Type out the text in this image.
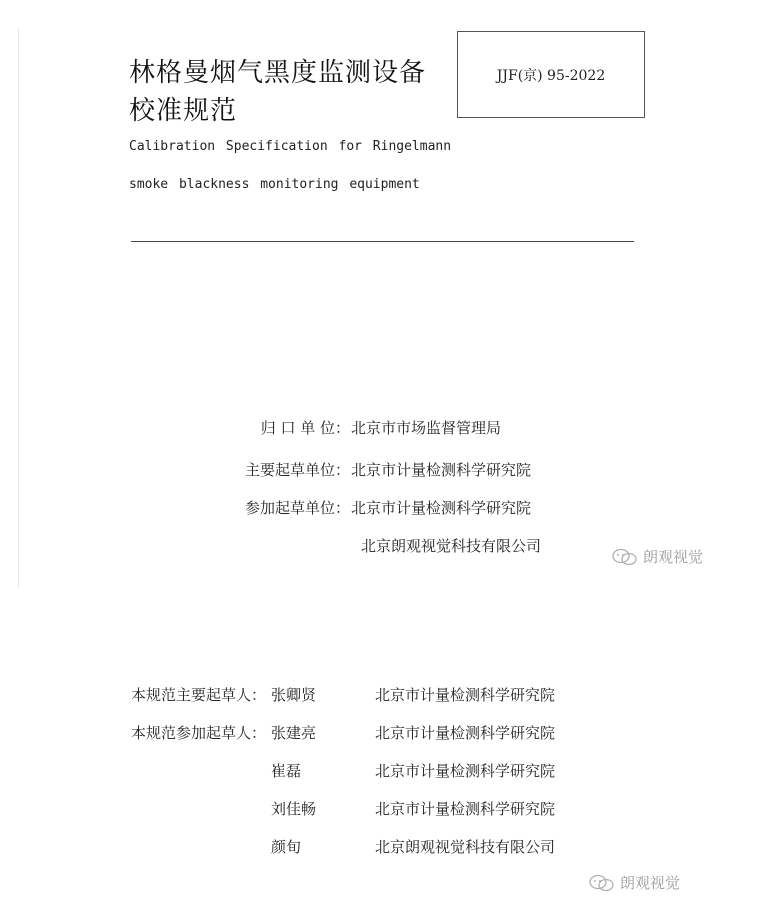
林格曼烟气黑度监测设备
校准规范
JJF(京) 95-2022
Calibration Specification for Ringelmann
smoke blackness monitoring equipment
归 口 单 位： 北京市市场监督管理局
主要起草单位： 北京市计量检测科学研究院
参加起草单位： 北京市计量检测科学研究院
北京朗观视觉科技有限公司
朗观视觉
本规范主要起草人： 张卿贤	北京市计量检测科学研究院
本规范参加起草人： 张建亮	北京市计量检测科学研究院
崔磊	北京市计量检测科学研究院
刘佳畅	北京市计量检测科学研究院
颜旬	北京朗观视觉科技有限公司
朗观视觉
